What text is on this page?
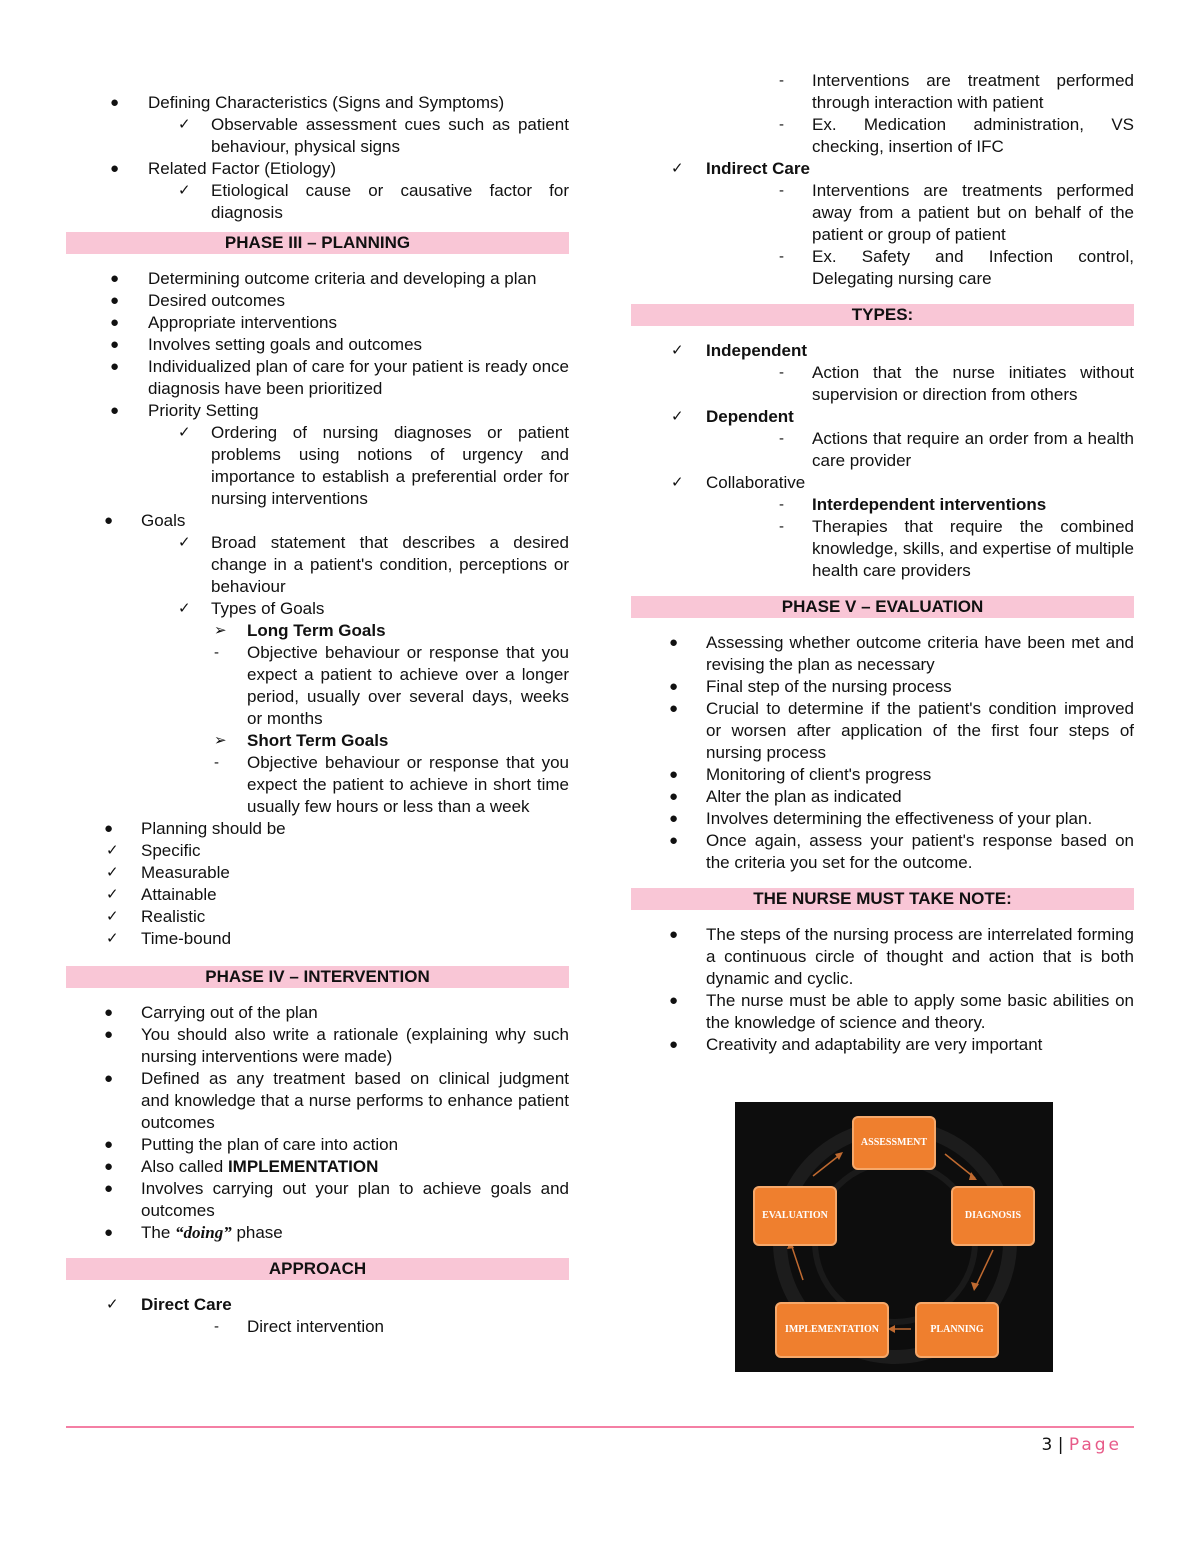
● Defining Characteristics (Signs and Symptoms)
✓ Observable assessment cues such as patient behaviour, physical signs
● Related Factor (Etiology)
✓ Etiological cause or causative factor for diagnosis
PHASE III – PLANNING
● Determining outcome criteria and developing a plan
● Desired outcomes
● Appropriate interventions
● Involves setting goals and outcomes
● Individualized plan of care for your patient is ready once diagnosis have been prioritized
● Priority Setting
✓ Ordering of nursing diagnoses or patient problems using notions of urgency and importance to establish a preferential order for nursing interventions
● Goals
✓ Broad statement that describes a desired change in a patient's condition, perceptions or behaviour
✓ Types of Goals
➢ Long Term Goals
- Objective behaviour or response that you expect a patient to achieve over a longer period, usually over several days, weeks or months
➢ Short Term Goals
- Objective behaviour or response that you expect the patient to achieve in short time usually few hours or less than a week
● Planning should be
✓ Specific
✓ Measurable
✓ Attainable
✓ Realistic
✓ Time-bound
PHASE IV – INTERVENTION
● Carrying out of the plan
● You should also write a rationale (explaining why such nursing interventions were made)
● Defined as any treatment based on clinical judgment and knowledge that a nurse performs to enhance patient outcomes
● Putting the plan of care into action
● Also called IMPLEMENTATION
● Involves carrying out your plan to achieve goals and outcomes
● The “doing” phase
APPROACH
✓ Direct Care
- Direct intervention
- Interventions are treatment performed through interaction with patient
- Ex. Medication administration, VS checking, insertion of IFC
✓ Indirect Care
- Interventions are treatments performed away from a patient but on behalf of the patient or group of patient
- Ex. Safety and Infection control, Delegating nursing care
TYPES:
✓ Independent
- Action that the nurse initiates without supervision or direction from others
✓ Dependent
- Actions that require an order from a health care provider
✓ Collaborative
- Interdependent interventions
- Therapies that require the combined knowledge, skills, and expertise of multiple health care providers
PHASE V – EVALUATION
● Assessing whether outcome criteria have been met and revising the plan as necessary
● Final step of the nursing process
● Crucial to determine if the patient's condition improved or worsen after application of the first four steps of nursing process
● Monitoring of client's progress
● Alter the plan as indicated
● Involves determining the effectiveness of your plan.
● Once again, assess your patient's response based on the criteria you set for the outcome.
THE NURSE MUST TAKE NOTE:
● The steps of the nursing process are interrelated forming a continuous circle of thought and action that is both dynamic and cyclic.
● The nurse must be able to apply some basic abilities on the knowledge of science and theory.
● Creativity and adaptability are very important
ASSESSMENT
EVALUATION	DIAGNOSIS
IMPLEMENTATION	PLANNING
3 | Page
